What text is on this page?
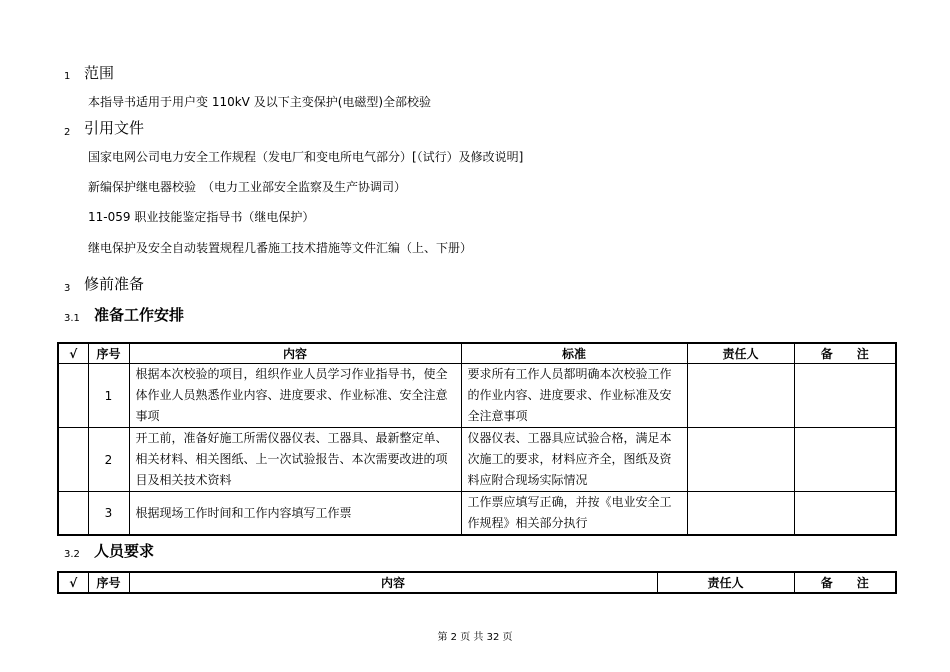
1 范围
本指导书适用于用户变 110kV 及以下主变保护(电磁型)全部校验
2 引用文件
国家电网公司电力安全工作规程（发电厂和变电所电气部分）[（试行）及修改说明]
新编保护继电器校验　（电力工业部安全监察及生产协调司）
11-059 职业技能鉴定指导书（继电保护）
继电保护及安全自动装置规程几番施工技术措施等文件汇编（上、下册）
3 修前准备
3.1 准备工作安排
√	序号	内容	标准	责任人	备　　注
	1	根据本次校验的项目，组织作业人员学习作业指导书，使全体作业人员熟悉作业内容、进度要求、作业标准、安全注意事项	要求所有工作人员都明确本次校验工作的作业内容、进度要求、作业标准及安全注意事项		
	2	开工前，准备好施工所需仪器仪表、工器具、最新整定单、相关材料、相关图纸、上一次试验报告、本次需要改进的项目及相关技术资料	仪器仪表、工器具应试验合格，满足本次施工的要求，材料应齐全，图纸及资料应附合现场实际情况		
	3	根据现场工作时间和工作内容填写工作票	工作票应填写正确，并按《电业安全工作规程》相关部分执行		
3.2 人员要求
√	序号	内容	责任人	备　　注
第 2 页 共 32 页
